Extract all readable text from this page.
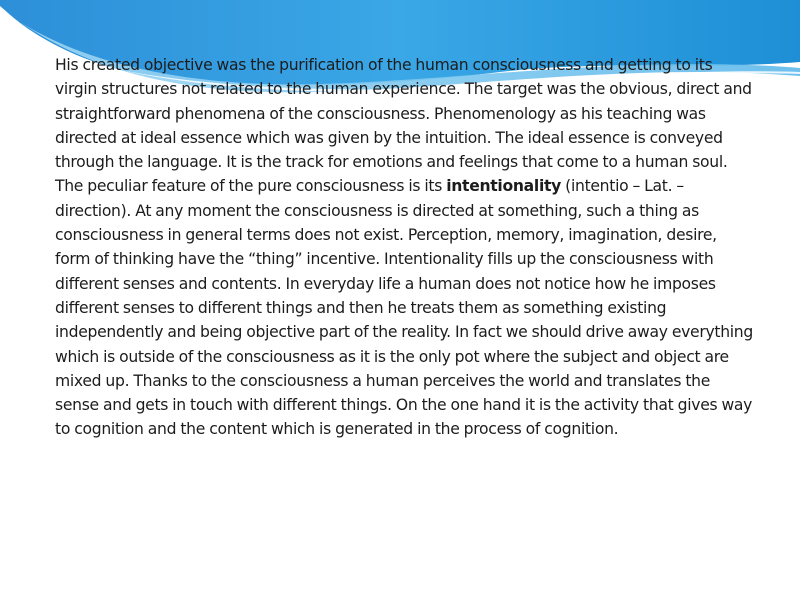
His created objective was the purification of the human consciousness and getting to its virgin structures not related to the human experience. The target was the obvious, direct and straightforward phenomena of the consciousness. Phenomenology as his teaching was directed at ideal essence which was given by the intuition. The ideal essence is conveyed through the language. It is the track for emotions and feelings that come to a human soul.

The peculiar feature of the pure consciousness is its intentionality (intentio – Lat. – direction). At any moment the consciousness is directed at something, such a thing as consciousness in general terms does not exist. Perception, memory, imagination, desire, form of thinking have the “thing” incentive. Intentionality fills up the consciousness with different senses and contents. In everyday life a human does not notice how he imposes different senses to different things and then he treats them as something existing independently and being objective part of the reality. In fact we should drive away everything which is outside of the consciousness as it is the only pot where the subject and object are mixed up. Thanks to the consciousness a human perceives the world and translates the sense and gets in touch with different things. On the one hand it is the activity that gives way to cognition and the content which is generated in the process of cognition.
